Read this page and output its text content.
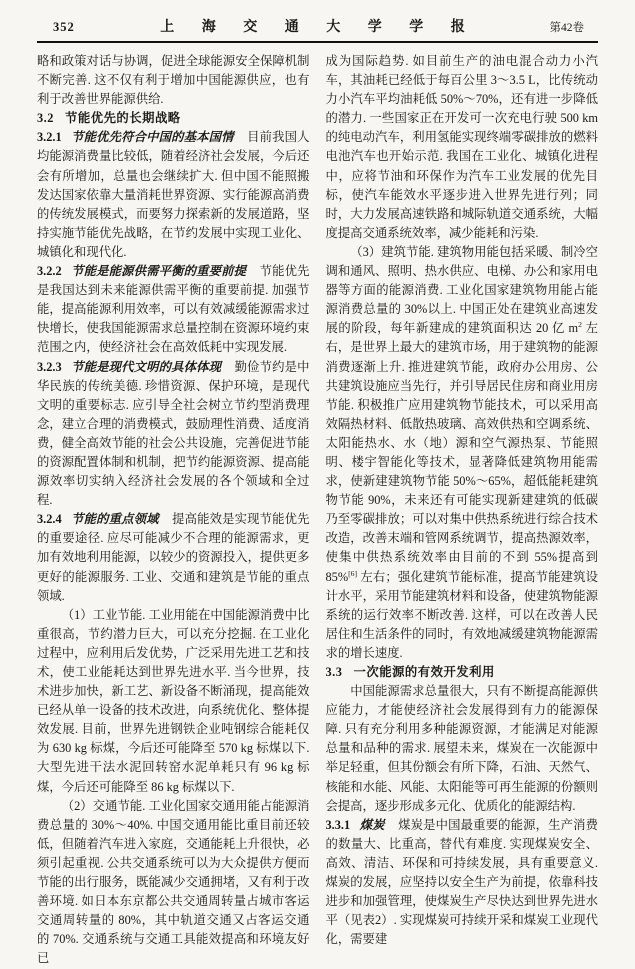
352	上 海 交 通 大 学 学 报	第42卷

略和政策对话与协调，促进全球能源安全保障机制不断完善. 这不仅有利于增加中国能源供应，也有利于改善世界能源供给.

3.2 节能优先的长期战略

3.2.1 节能优先符合中国的基本国情 目前我国人均能源消费量比较低，随着经济社会发展，今后还会有所增加，总量也会继续扩大. 但中国不能照搬发达国家依靠大量消耗世界资源、实行能源高消费的传统发展模式，而要努力探索新的发展道路，坚持实施节能优先战略，在节约发展中实现工业化、城镇化和现代化.

3.2.2 节能是能源供需平衡的重要前提 节能优先是我国达到未来能源供需平衡的重要前提. 加强节能，提高能源利用效率，可以有效减缓能源需求过快增长，使我国能源需求总量控制在资源环境约束范围之内，使经济社会在高效低耗中实现发展.

3.2.3 节能是现代文明的具体体现 勤俭节约是中华民族的传统美德. 珍惜资源、保护环境，是现代文明的重要标志. 应引导全社会树立节约型消费理念，建立合理的消费模式，鼓励理性消费、适度消费，健全高效节能的社会公共设施，完善促进节能的资源配置体制和机制，把节约能源资源、提高能源效率切实纳入经济社会发展的各个领域和全过程.

3.2.4 节能的重点领域 提高能效是实现节能优先的重要途径. 应尽可能减少不合理的能源需求，更加有效地利用能源，以较少的资源投入，提供更多更好的能源服务. 工业、交通和建筑是节能的重点领域.

（1）工业节能. 工业用能在中国能源消费中比重很高，节约潜力巨大，可以充分挖掘. 在工业化过程中，应利用后发优势，广泛采用先进工艺和技术，使工业能耗达到世界先进水平. 当今世界，技术进步加快，新工艺、新设备不断涌现，提高能效已经从单一设备的技术改进，向系统优化、整体提效发展. 目前，世界先进钢铁企业吨钢综合能耗仅为 630 kg 标煤，今后还可能降至 570 kg 标煤以下. 大型先进干法水泥回转窑水泥单耗只有 96 kg 标煤，今后还可能降至 86 kg 标煤以下.

（2）交通节能. 工业化国家交通用能占能源消费总量的 30%～40%. 中国交通用能比重目前还较低，但随着汽车进入家庭，交通能耗上升很快，必须引起重视. 公共交通系统可以为大众提供方便而节能的出行服务，既能减少交通拥堵，又有利于改善环境. 如日本东京都公共交通周转量占城市客运交通周转量的 80%，其中轨道交通又占客运交通的 70%. 交通系统与交通工具能效提高和环境友好已

成为国际趋势. 如目前生产的油电混合动力小汽车，其油耗已经低于每百公里 3～3.5 L，比传统动力小汽车平均油耗低 50%～70%，还有进一步降低的潜力. 一些国家正在开发可一次充电行驶 500 km 的纯电动汽车，利用氢能实现终端零碳排放的燃料电池汽车也开始示范. 我国在工业化、城镇化进程中，应将节油和环保作为汽车工业发展的优先目标，使汽车能效水平逐步进入世界先进行列；同时，大力发展高速铁路和城际轨道交通系统，大幅度提高交通系统效率，减少能耗和污染.

（3）建筑节能. 建筑物用能包括采暖、制冷空调和通风、照明、热水供应、电梯、办公和家用电器等方面的能源消费. 工业化国家建筑物用能占能源消费总量的 30%以上. 中国正处在建筑业高速发展的阶段，每年新建成的建筑面积达 20 亿 $m^2$ 左右，是世界上最大的建筑市场，用于建筑物的能源消费逐渐上升. 推进建筑节能，政府办公用房、公共建筑设施应当先行，并引导居民住房和商业用房节能. 积极推广应用建筑物节能技术，可以采用高效隔热材料、低散热玻璃、高效供热和空调系统、太阳能热水、水（地）源和空气源热泵、节能照明、楼宇智能化等技术，显著降低建筑物用能需求，使新建建筑物节能 50%～65%，超低能耗建筑物节能 90%，未来还有可能实现新建建筑的低碳乃至零碳排放；可以对集中供热系统进行综合技术改造，改善末端和管网系统调节，提高热源效率，使集中供热系统效率由目前的不到 55%提高到 85%[6] 左右；强化建筑节能标准，提高节能建筑设计水平，采用节能建筑材料和设备，使建筑物能源系统的运行效率不断改善. 这样，可以在改善人民居住和生活条件的同时，有效地减缓建筑物能源需求的增长速度.

3.3 一次能源的有效开发利用

中国能源需求总量很大，只有不断提高能源供应能力，才能使经济社会发展得到有力的能源保障. 只有充分利用多种能源资源，才能满足对能源总量和品种的需求. 展望未来，煤炭在一次能源中举足轻重，但其份额会有所下降，石油、天然气、核能和水能、风能、太阳能等可再生能源的份额则会提高，逐步形成多元化、优质化的能源结构.

3.3.1 煤炭 煤炭是中国最重要的能源，生产消费的数量大、比重高，替代有难度. 实现煤炭安全、高效、清洁、环保和可持续发展，具有重要意义. 煤炭的发展，应坚持以安全生产为前提，依靠科技进步和加强管理，使煤炭生产尽快达到世界先进水平（见表2）. 实现煤炭可持续开采和煤炭工业现代化，需要建
